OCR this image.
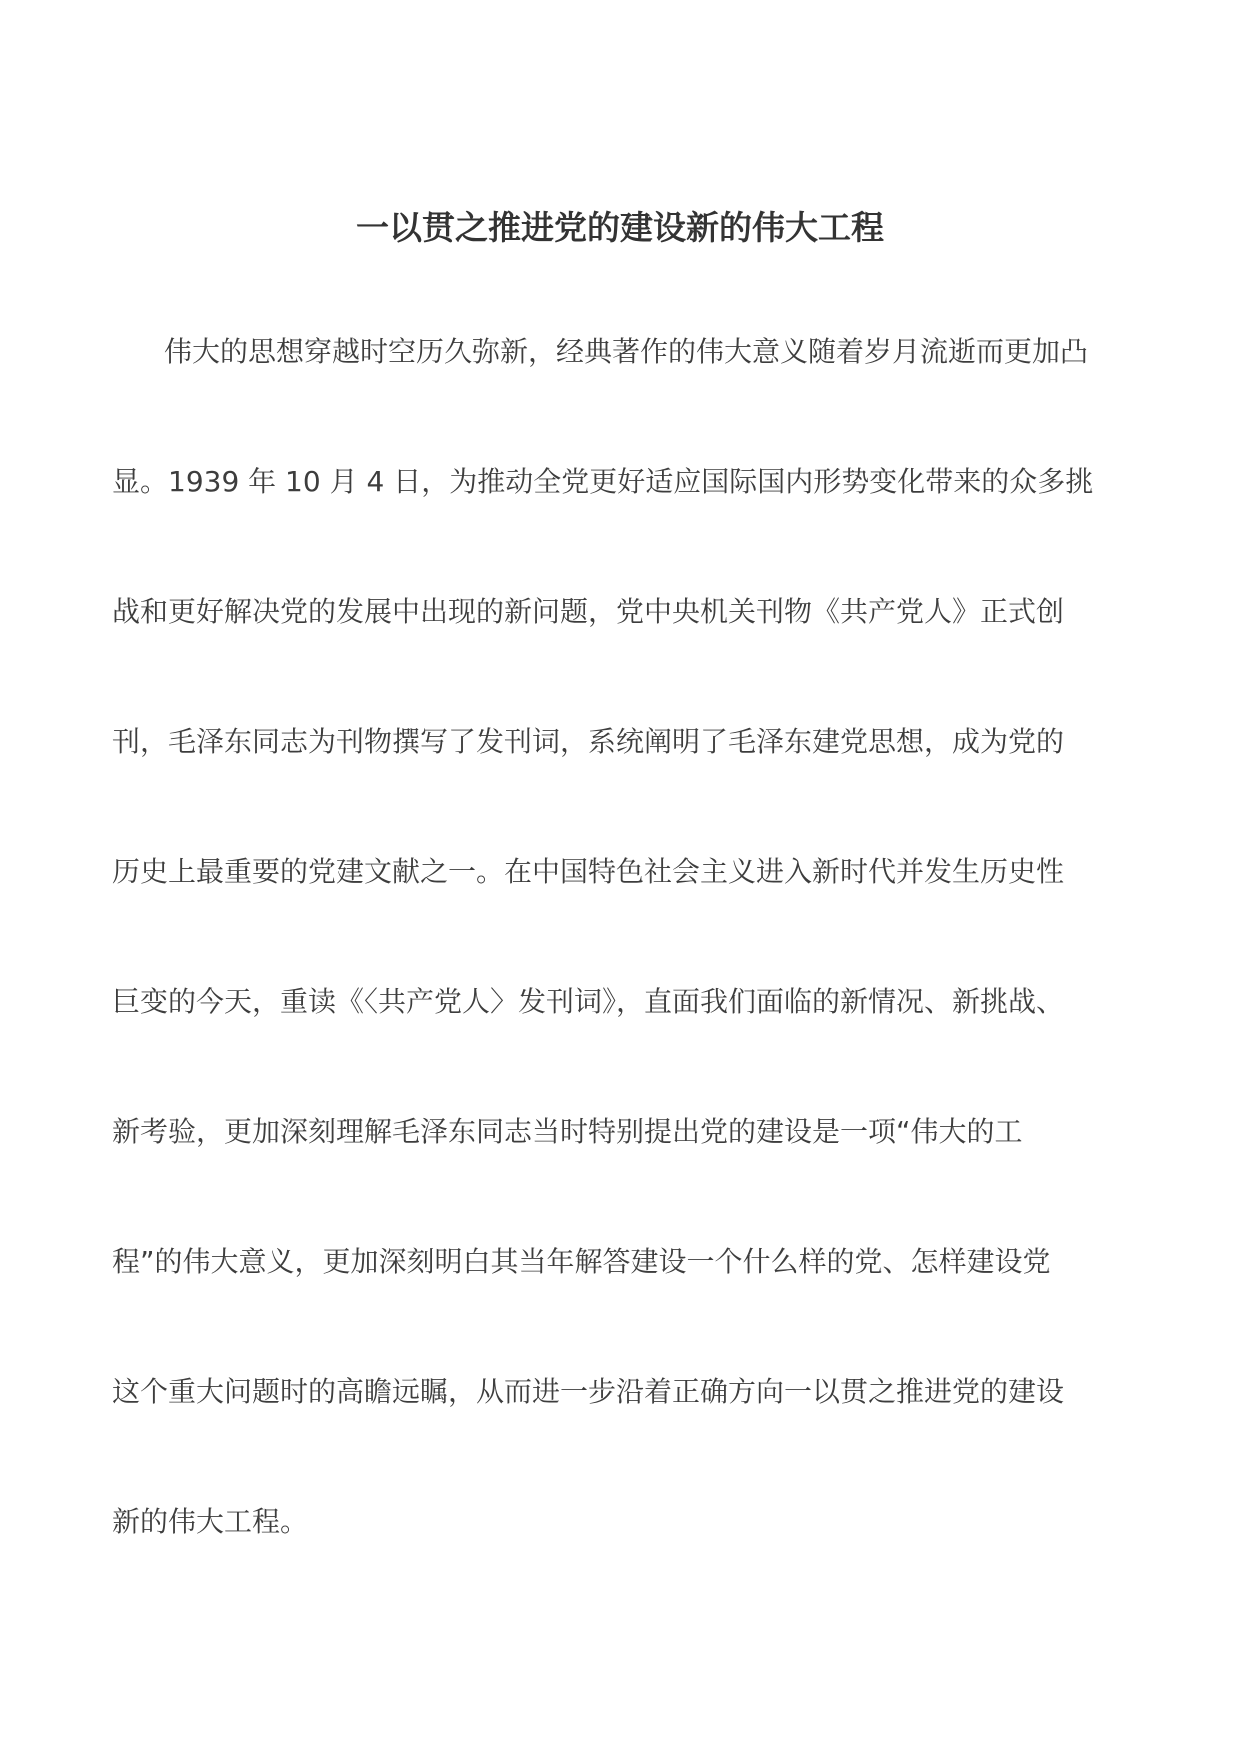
一以贯之推进党的建设新的伟大工程

伟大的思想穿越时空历久弥新，经典著作的伟大意义随着岁月流逝而更加凸

显。1939 年 10 月 4 日，为推动全党更好适应国际国内形势变化带来的众多挑

战和更好解决党的发展中出现的新问题，党中央机关刊物《共产党人》正式创

刊，毛泽东同志为刊物撰写了发刊词，系统阐明了毛泽东建党思想，成为党的

历史上最重要的党建文献之一。在中国特色社会主义进入新时代并发生历史性

巨变的今天，重读《〈共产党人〉发刊词》，直面我们面临的新情况、新挑战、

新考验，更加深刻理解毛泽东同志当时特别提出党的建设是一项“伟大的工

程”的伟大意义，更加深刻明白其当年解答建设一个什么样的党、怎样建设党

这个重大问题时的高瞻远瞩，从而进一步沿着正确方向一以贯之推进党的建设

新的伟大工程。
